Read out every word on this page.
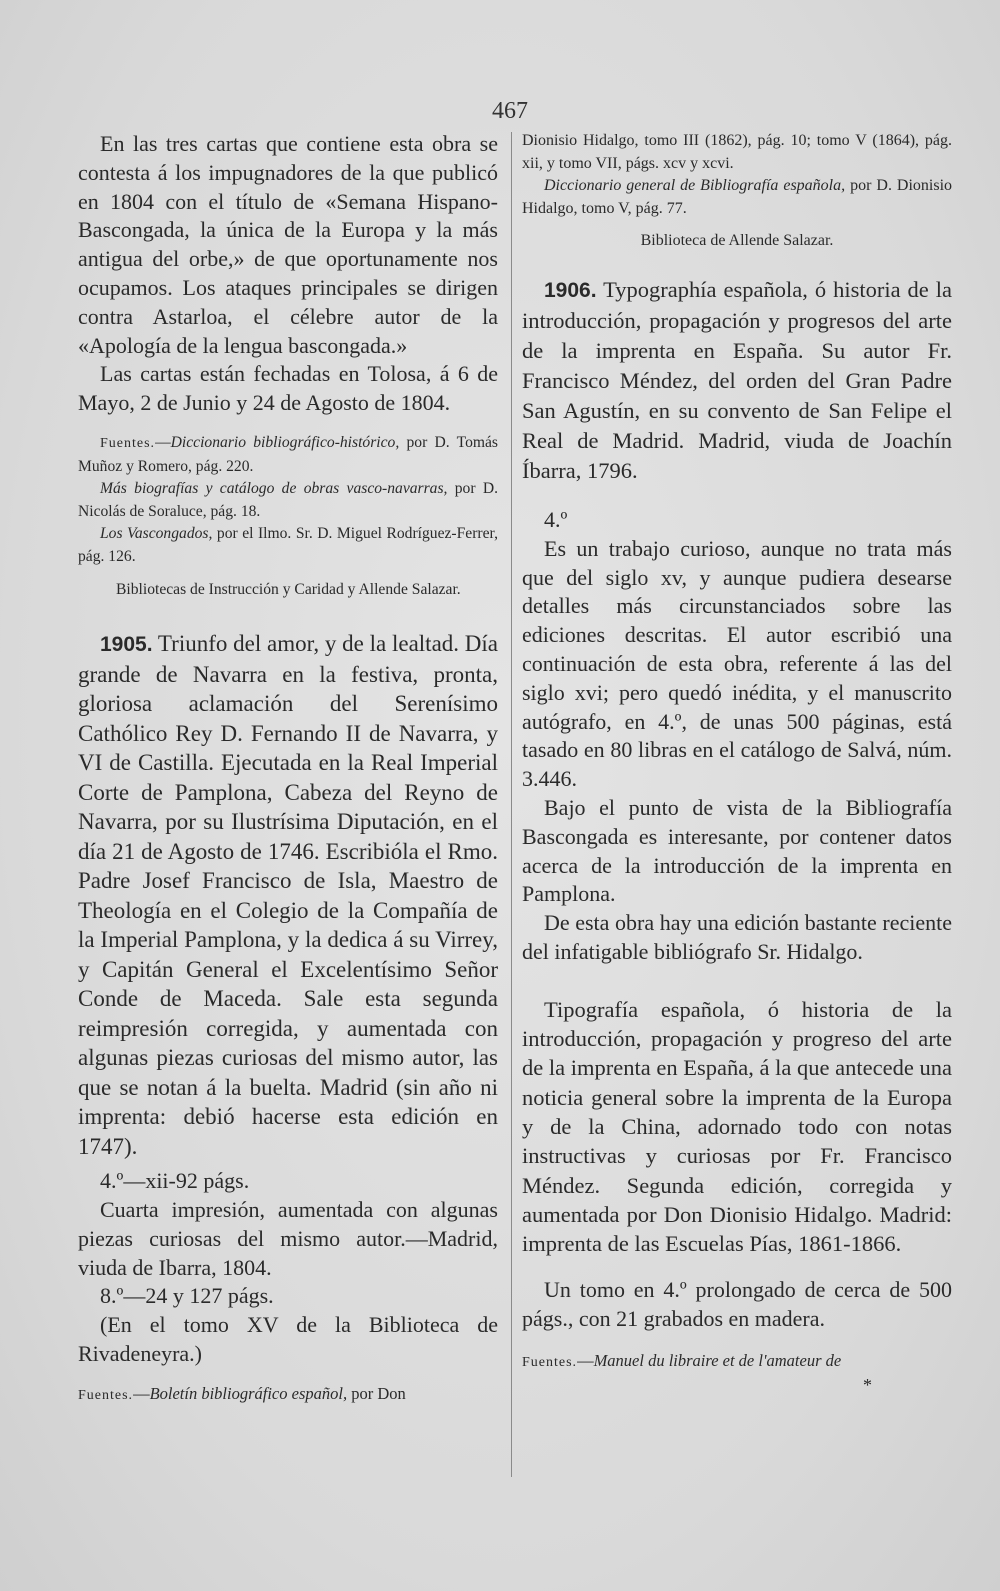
467

En las tres cartas que contiene esta obra se contesta á los impugnadores de la que publicó en 1804 con el título de «Semana Hispano-Bascongada, la única de la Europa y la más antigua del orbe,» de que oportunamente nos ocupamos. Los ataques principales se dirigen contra Astarloa, el célebre autor de la «Apología de la lengua bascongada.»

Las cartas están fechadas en Tolosa, á 6 de Mayo, 2 de Junio y 24 de Agosto de 1804.

Fuentes.—Diccionario bibliográfico-histórico, por D. Tomás Muñoz y Romero, pág. 220.

Más biografías y catálogo de obras vasco-navarras, por D. Nicolás de Soraluce, pág. 18.

Los Vascongados, por el Ilmo. Sr. D. Miguel Rodríguez-Ferrer, pág. 126.

Bibliotecas de Instrucción y Caridad y Allende Salazar.

1905. Triunfo del amor, y de la lealtad. Día grande de Navarra en la festiva, pronta, gloriosa aclamación del Serenísimo Cathólico Rey D. Fernando II de Navarra, y VI de Castilla. Ejecutada en la Real Imperial Corte de Pamplona, Cabeza del Reyno de Navarra, por su Ilustrísima Diputación, en el día 21 de Agosto de 1746. Escribióla el Rmo. Padre Josef Francisco de Isla, Maestro de Theología en el Colegio de la Compañía de la Imperial Pamplona, y la dedica á su Virrey, y Capitán General el Excelentísimo Señor Conde de Maceda. Sale esta segunda reimpresión corregida, y aumentada con algunas piezas curiosas del mismo autor, las que se notan á la buelta. Madrid (sin año ni imprenta: debió hacerse esta edición en 1747).

4.º—xii-92 págs.

Cuarta impresión, aumentada con algunas piezas curiosas del mismo autor.—Madrid, viuda de Ibarra, 1804.

8.º—24 y 127 págs.

(En el tomo XV de la Biblioteca de Rivadeneyra.)

Fuentes.—Boletín bibliográfico español, por Don

Dionisio Hidalgo, tomo III (1862), pág. 10; tomo V (1864), pág. xii, y tomo VII, págs. xcv y xcvi.

Diccionario general de Bibliografía española, por D. Dionisio Hidalgo, tomo V, pág. 77.

Biblioteca de Allende Salazar.

1906. Typographía española, ó historia de la introducción, propagación y progresos del arte de la imprenta en España. Su autor Fr. Francisco Méndez, del orden del Gran Padre San Agustín, en su convento de San Felipe el Real de Madrid. Madrid, viuda de Joachín Íbarra, 1796.

4.º

Es un trabajo curioso, aunque no trata más que del siglo xv, y aunque pudiera desearse detalles más circunstanciados sobre las ediciones descritas. El autor escribió una continuación de esta obra, referente á las del siglo xvi; pero quedó inédita, y el manuscrito autógrafo, en 4.º, de unas 500 páginas, está tasado en 80 libras en el catálogo de Salvá, núm. 3.446.

Bajo el punto de vista de la Bibliografía Bascongada es interesante, por contener datos acerca de la introducción de la imprenta en Pamplona.

De esta obra hay una edición bastante reciente del infatigable bibliógrafo Sr. Hidalgo.

Tipografía española, ó historia de la introducción, propagación y progreso del arte de la imprenta en España, á la que antecede una noticia general sobre la imprenta de la Europa y de la China, adornado todo con notas instructivas y curiosas por Fr. Francisco Méndez. Segunda edición, corregida y aumentada por Don Dionisio Hidalgo. Madrid: imprenta de las Escuelas Pías, 1861-1866.

Un tomo en 4.º prolongado de cerca de 500 págs., con 21 grabados en madera.

Fuentes.—Manuel du libraire et de l'amateur de

*
